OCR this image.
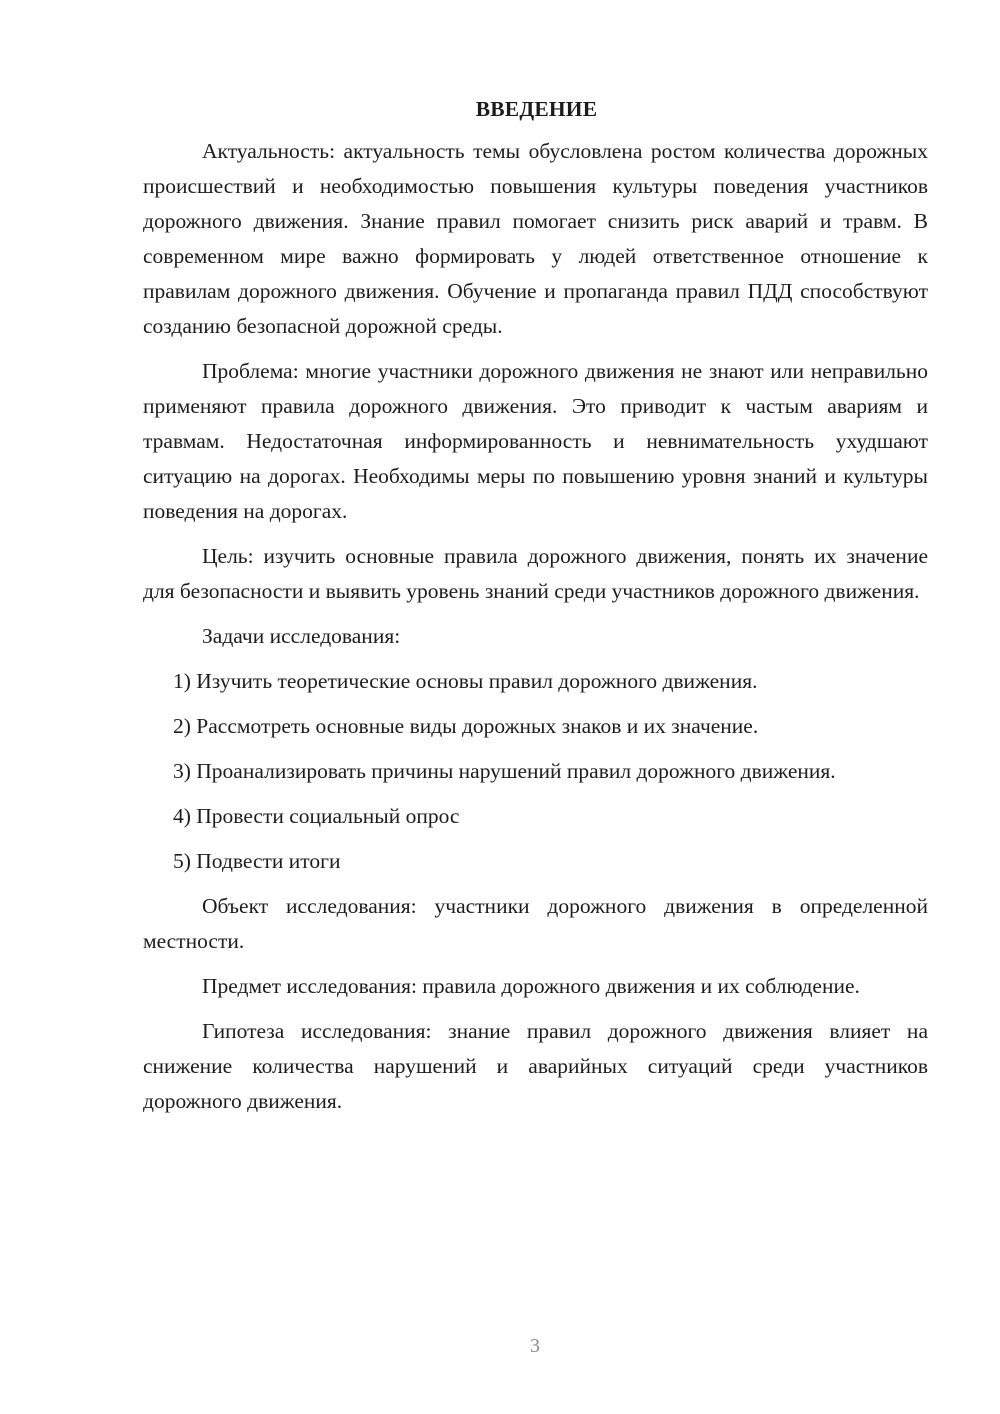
ВВЕДЕНИЕ

Актуальность: актуальность темы обусловлена ростом количества дорожных происшествий и необходимостью повышения культуры поведения участников дорожного движения. Знание правил помогает снизить риск аварий и травм. В современном мире важно формировать у людей ответственное отношение к правилам дорожного движения. Обучение и пропаганда правил ПДД способствуют созданию безопасной дорожной среды.

Проблема: многие участники дорожного движения не знают или неправильно применяют правила дорожного движения. Это приводит к частым авариям и травмам. Недостаточная информированность и невнимательность ухудшают ситуацию на дорогах. Необходимы меры по повышению уровня знаний и культуры поведения на дорогах.

Цель: изучить основные правила дорожного движения, понять их значение для безопасности и выявить уровень знаний среди участников дорожного движения.

Задачи исследования:

1) Изучить теоретические основы правил дорожного движения.

2) Рассмотреть основные виды дорожных знаков и их значение.

3) Проанализировать причины нарушений правил дорожного движения.

4) Провести социальный опрос

5) Подвести итоги

Объект исследования: участники дорожного движения в определенной местности.

Предмет исследования: правила дорожного движения и их соблюдение.

Гипотеза исследования: знание правил дорожного движения влияет на снижение количества нарушений и аварийных ситуаций среди участников дорожного движения.

3
